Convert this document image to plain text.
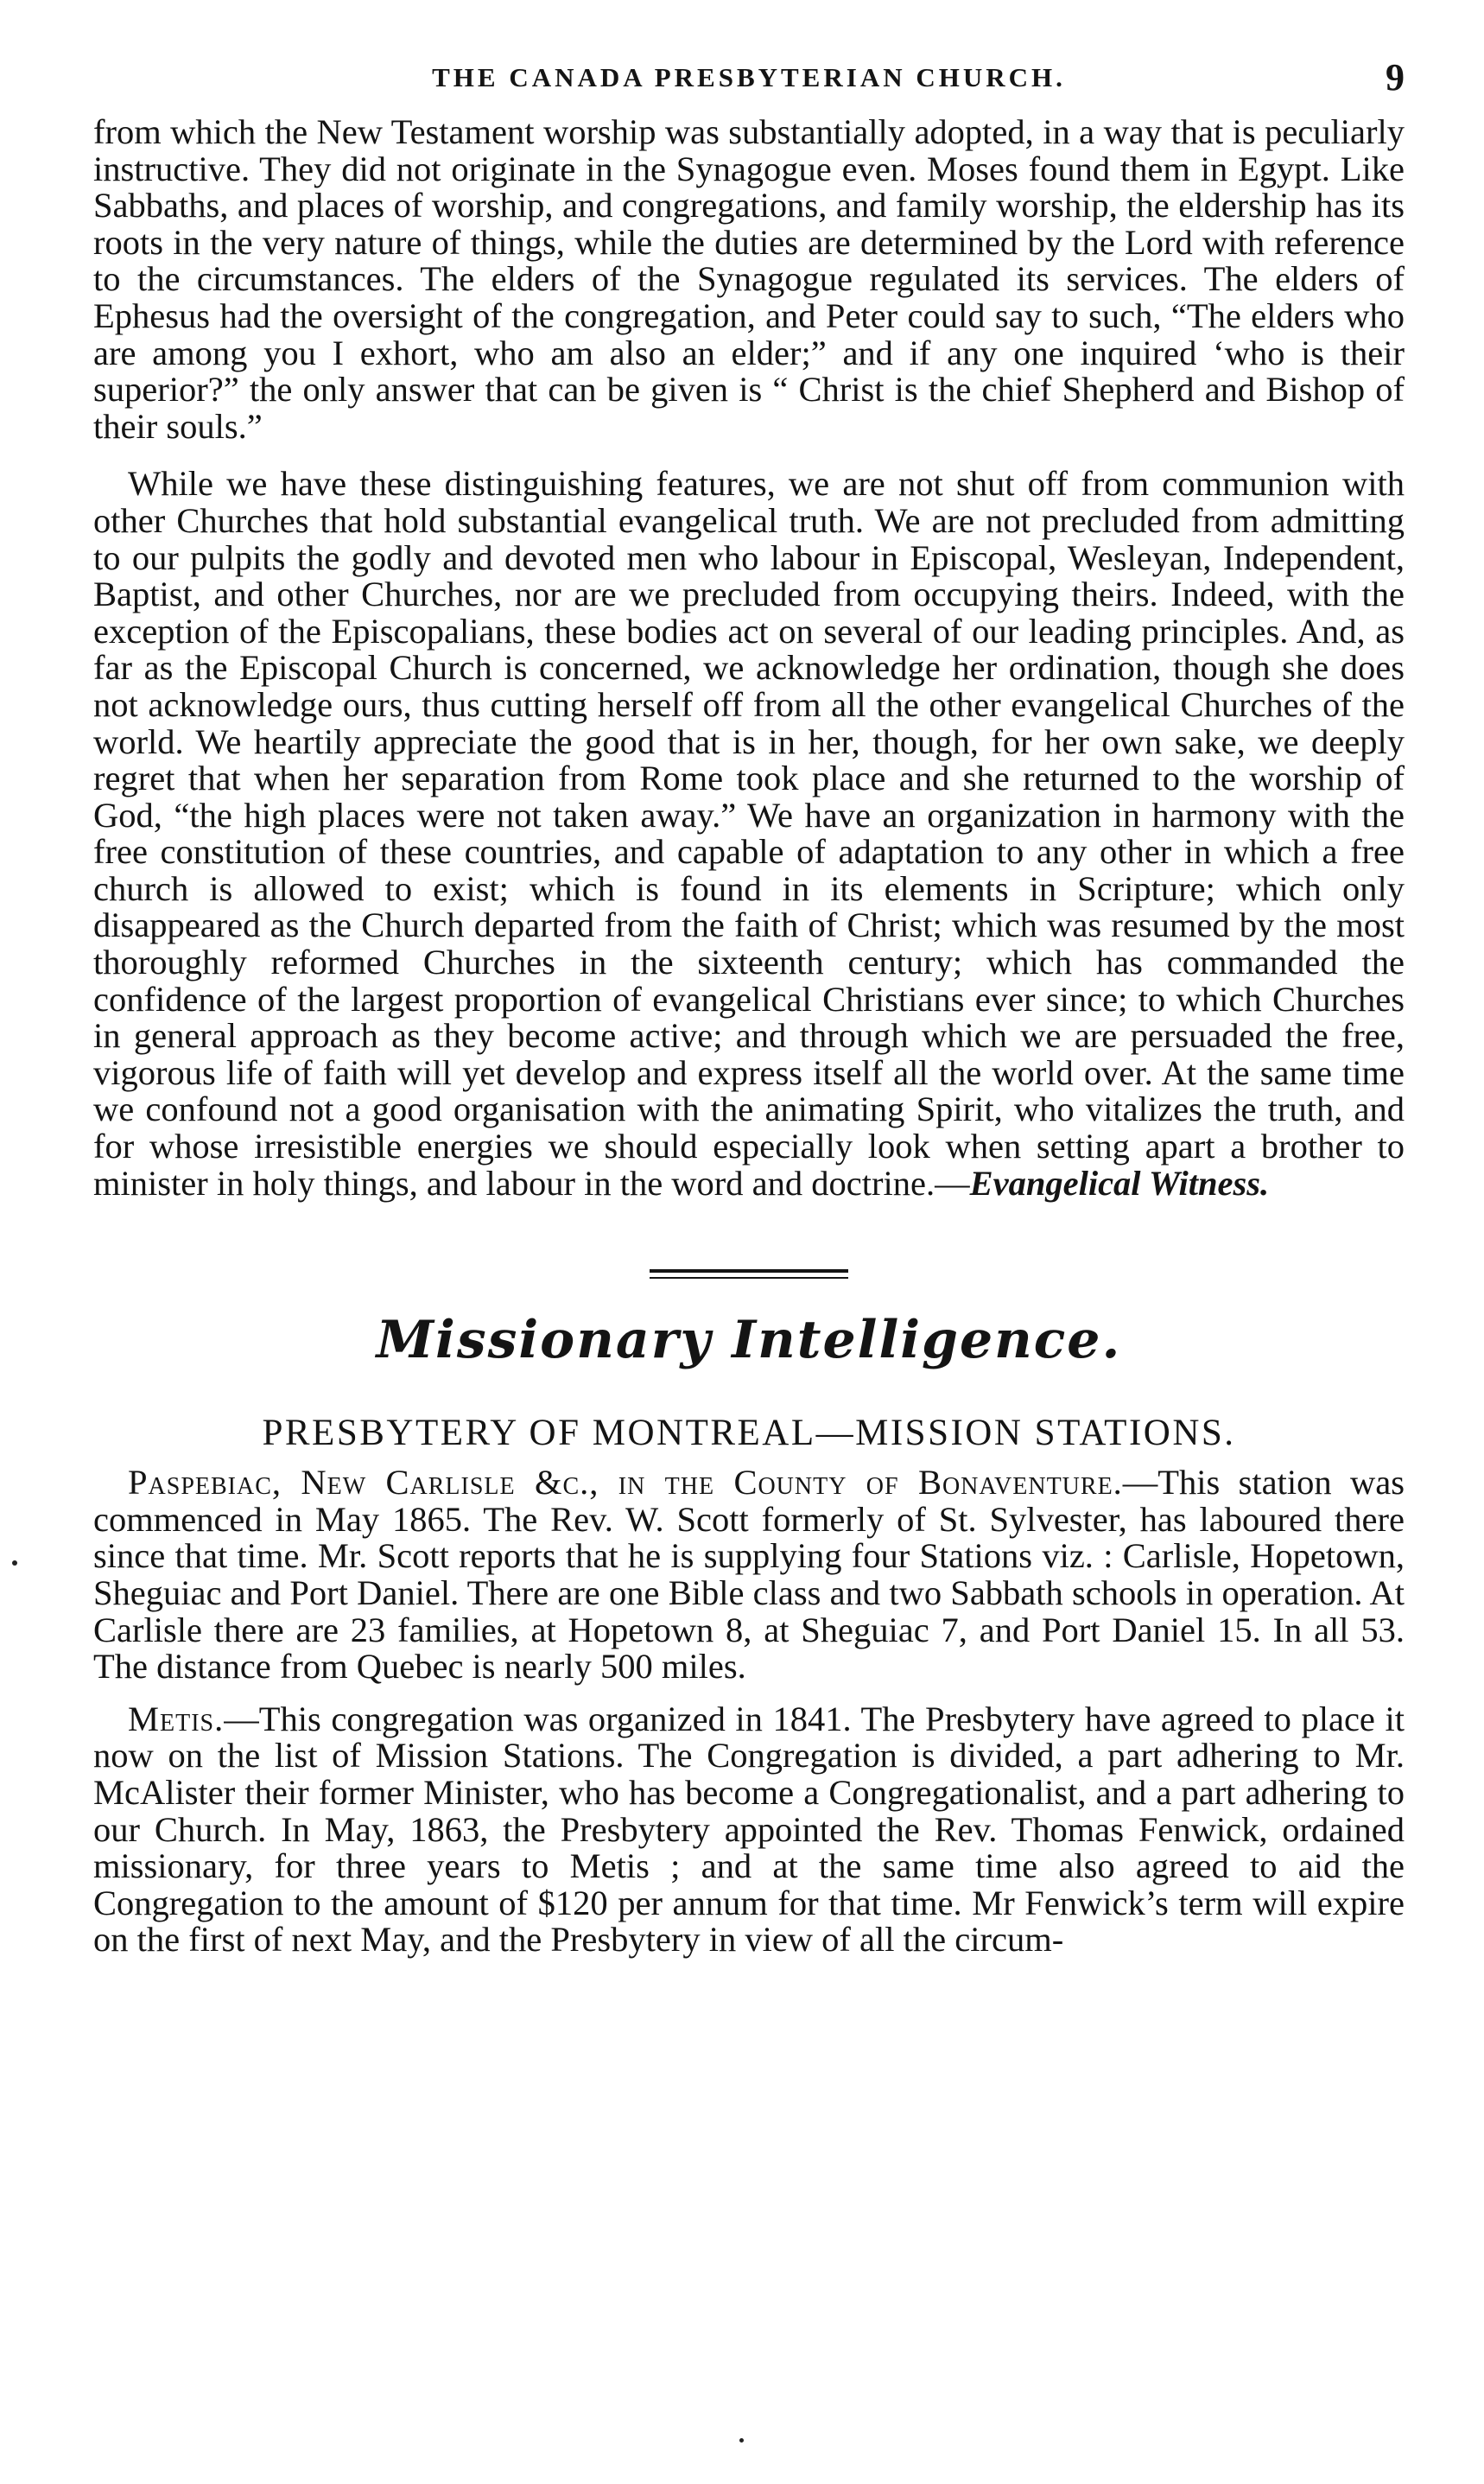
THE CANADA PRESBYTERIAN CHURCH.	9

from which the New Testament worship was substantially adopted, in a way that is peculiarly instructive. They did not originate in the Synagogue even. Moses found them in Egypt. Like Sabbaths, and places of worship, and congregations, and family worship, the eldership has its roots in the very nature of things, while the duties are determined by the Lord with reference to the circumstances. The elders of the Synagogue regulated its services. The elders of Ephesus had the oversight of the congregation, and Peter could say to such, “The elders who are among you I exhort, who am also an elder;” and if any one inquired ‘who is their superior?” the only answer that can be given is “ Christ is the chief Shepherd and Bishop of their souls.”

While we have these distinguishing features, we are not shut off from communion with other Churches that hold substantial evangelical truth. We are not precluded from admitting to our pulpits the godly and devoted men who labour in Episcopal, Wesleyan, Independent, Baptist, and other Churches, nor are we precluded from occupying theirs. Indeed, with the exception of the Episcopalians, these bodies act on several of our leading principles. And, as far as the Episcopal Church is concerned, we acknowledge her ordination, though she does not acknowledge ours, thus cutting herself off from all the other evangelical Churches of the world. We heartily appreciate the good that is in her, though, for her own sake, we deeply regret that when her separation from Rome took place and she returned to the worship of God, “the high places were not taken away.” We have an organization in harmony with the free constitution of these countries, and capable of adaptation to any other in which a free church is allowed to exist; which is found in its elements in Scripture; which only disappeared as the Church departed from the faith of Christ; which was resumed by the most thoroughly reformed Churches in the sixteenth century; which has commanded the confidence of the largest proportion of evangelical Christians ever since; to which Churches in general approach as they become active; and through which we are persuaded the free, vigorous life of faith will yet develop and express itself all the world over. At the same time we confound not a good organisation with the animating Spirit, who vitalizes the truth, and for whose irresistible energies we should especially look when setting apart a brother to minister in holy things, and labour in the word and doctrine.—Evangelical Witness.

Missionary Intelligence.
PRESBYTERY OF MONTREAL—MISSION STATIONS.

Paspebiac, New Carlisle &c., in the County of Bonaventure.—This station was commenced in May 1865. The Rev. W. Scott formerly of St. Sylvester, has laboured there since that time. Mr. Scott reports that he is supplying four Stations viz. : Carlisle, Hopetown, Sheguiac and Port Daniel. There are one Bible class and two Sabbath schools in operation. At Carlisle there are 23 families, at Hopetown 8, at Sheguiac 7, and Port Daniel 15. In all 53. The distance from Quebec is nearly 500 miles.

Metis.—This congregation was organized in 1841. The Presbytery have agreed to place it now on the list of Mission Stations. The Congregation is divided, a part adhering to Mr. McAlister their former Minister, who has become a Congregationalist, and a part adhering to our Church. In May, 1863, the Presbytery appointed the Rev. Thomas Fenwick, ordained missionary, for three years to Metis ; and at the same time also agreed to aid the Congregation to the amount of $120 per annum for that time. Mr Fenwick’s term will expire on the first of next May, and the Presbytery in view of all the circum-
